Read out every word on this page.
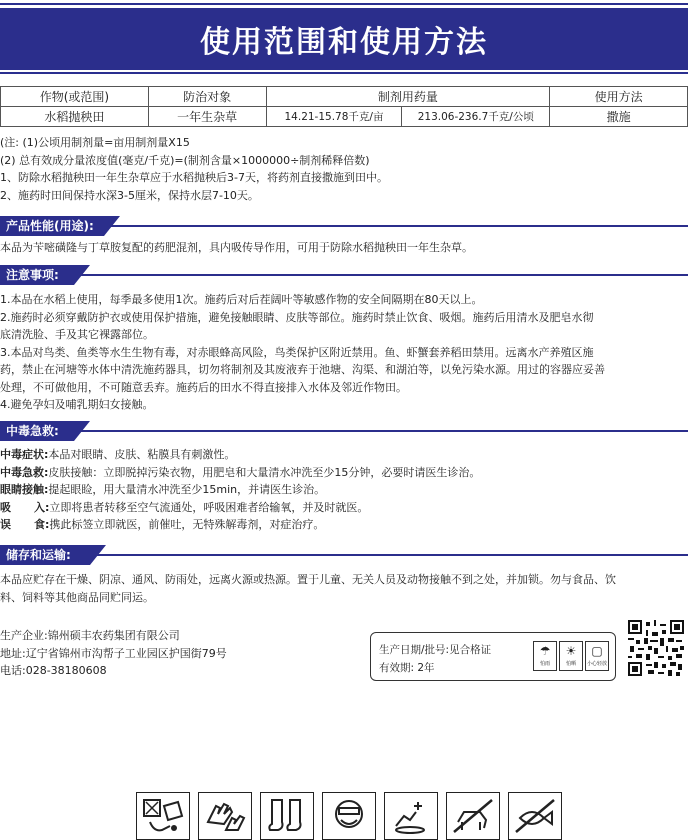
使用范围和使用方法
作物(或范围)	防治对象	制剂用药量		使用方法
水稻抛秧田	一年生杂草	14.21-15.78千克/亩	213.06-236.7千克/公顷	撒施
(注: (1)公顷用制剂量=亩用制剂量X15
(2) 总有效成分量浓度值(毫克/千克)=(制剂含量×1000000÷制剂稀释倍数)
1、防除水稻抛秧田一年生杂草应于水稻抛秧后3-7天，将药剂直接撒施到田中。
2、施药时田间保持水深3-5厘米，保持水层7-10天。
产品性能(用途):
本品为苄嘧磺隆与丁草胺复配的药肥混剂，具内吸传导作用，可用于防除水稻抛秧田一年生杂草。
注意事项:
1.本品在水稻上使用，每季最多使用1次。施药后对后茬阔叶等敏感作物的安全间隔期在80天以上。
2.施药时必须穿戴防护衣或使用保护措施，避免接触眼睛、皮肤等部位。施药时禁止饮食、吸烟。施药后用清水及肥皂水彻
底清洗脸、手及其它裸露部位。
3.本品对鸟类、鱼类等水生生物有毒，对赤眼蜂高风险，鸟类保护区附近禁用。鱼、虾蟹套养稻田禁用。远离水产养殖区施
药，禁止在河塘等水体中清洗施药器具，切勿将制剂及其废液弃于池塘、沟渠、和湖泊等，以免污染水源。用过的容器应妥善
处理，不可做他用，不可随意丢弃。施药后的田水不得直接排入水体及邻近作物田。
4.避免孕妇及哺乳期妇女接触。
中毒急救:
中毒症状:本品对眼睛、皮肤、粘膜具有刺激性。
中毒急救:皮肤接触：立即脱掉污染衣物，用肥皂和大量清水冲洗至少15分钟，必要时请医生诊治。
眼睛接触:提起眼睑，用大量清水冲洗至少15min，并请医生诊治。
吸      入:立即将患者转移至空气流通处，呼吸困难者给输氧，并及时就医。
误      食:携此标签立即就医，前催吐，无特殊解毒剂，对症治疗。
储存和运输:
本品应贮存在干燥、阴凉、通风、防雨处，远离火源或热源。置于儿童、无关人员及动物接触不到之处，并加锁。勿与食品、饮
料、饲料等其他商品同贮同运。
生产企业:锦州硕丰农药集团有限公司
地址:辽宁省锦州市沟帮子工业园区护国街79号
电话:028-38180608
生产日期/批号:见合格证
有效期: 2年
☂
怕雨
☀
怕晒
▢
小心轻放
